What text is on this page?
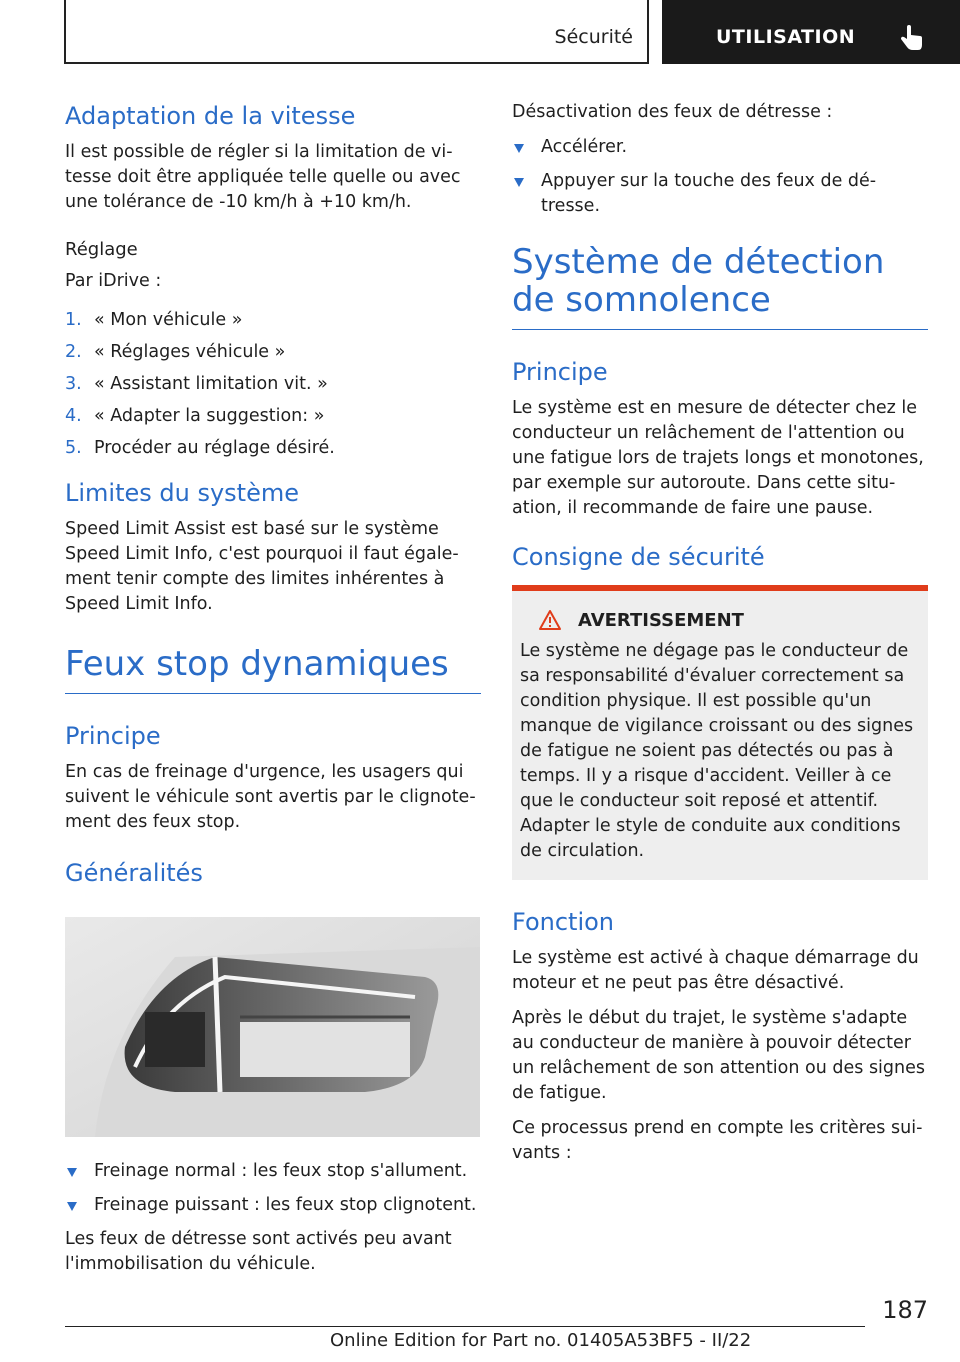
Sécurité	UTILISATION
Adaptation de la vitesse

Il est possible de régler si la limitation de vitesse doit être appliquée telle quelle ou avec une tolérance de -10 km/h à +10 km/h.

Réglage

Par iDrive :

1. « Mon véhicule »
2. « Réglages véhicule »
3. « Assistant limitation vit. »
4. « Adapter la suggestion: »
5. Procéder au réglage désiré.
Limites du système

Speed Limit Assist est basé sur le système Speed Limit Info, c'est pourquoi il faut également tenir compte des limites inhérentes à Speed Limit Info.

Feux stop dynamiques
Principe

En cas de freinage d'urgence, les usagers qui suivent le véhicule sont avertis par le clignotement des feux stop.

Généralités
Freinage normal : les feux stop s'allument.
Freinage puissant : les feux stop clignotent.

Les feux de détresse sont activés peu avant l'immobilisation du véhicule.

Désactivation des feux de détresse :

Accélérer.
Appuyer sur la touche des feux de détresse.
Système de détection de somnolence
Principe

Le système est en mesure de détecter chez le conducteur un relâchement de l'attention ou une fatigue lors de trajets longs et monotones, par exemple sur autoroute. Dans cette situation, il recommande de faire une pause.

Consigne de sécurité
AVERTISSEMENT

Le système ne dégage pas le conducteur de sa responsabilité d'évaluer correctement sa condition physique. Il est possible qu'un manque de vigilance croissant ou des signes de fatigue ne soient pas détectés ou pas à temps. Il y a risque d'accident. Veiller à ce que le conducteur soit reposé et attentif. Adapter le style de conduite aux conditions de circulation.

Fonction

Le système est activé à chaque démarrage du moteur et ne peut pas être désactivé.

Après le début du trajet, le système s'adapte au conducteur de manière à pouvoir détecter un relâchement de son attention ou des signes de fatigue.

Ce processus prend en compte les critères suivants :

187
Online Edition for Part no. 01405A53BF5 - II/22
